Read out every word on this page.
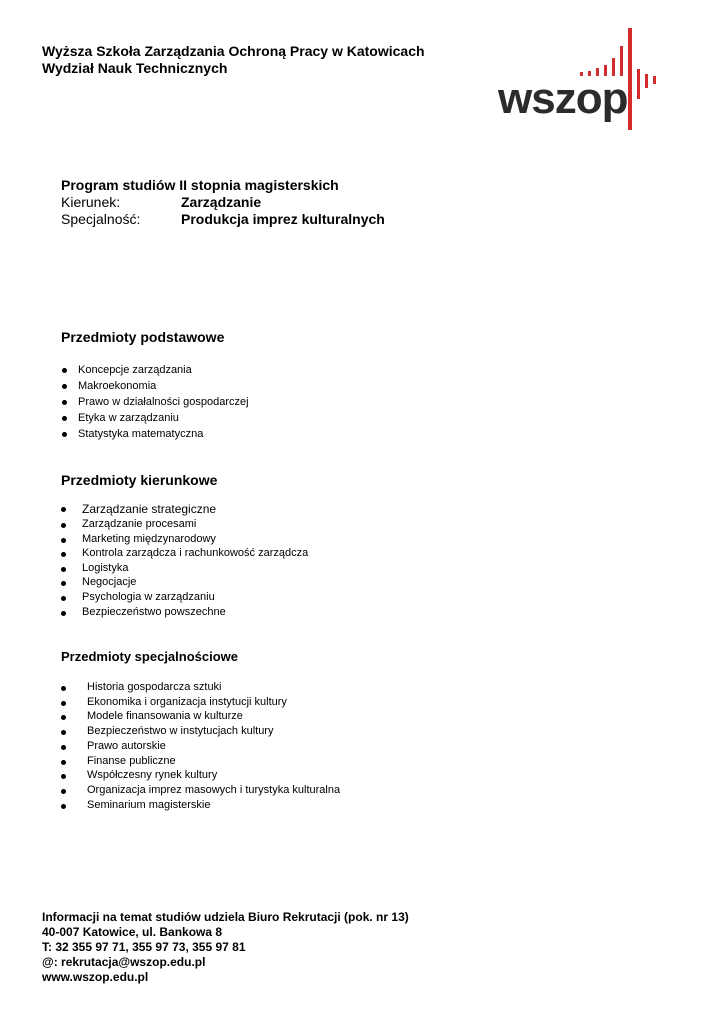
Wyższa Szkoła Zarządzania Ochroną Pracy w Katowicach
Wydział Nauk Technicznych
wszop
Program studiów II stopnia magisterskich
Kierunek:	Zarządzanie
Specjalność:	Produkcja imprez kulturalnych
Przedmioty podstawowe
Koncepcje zarządzania
Makroekonomia
Prawo w działalności gospodarczej
Etyka w zarządzaniu
Statystyka matematyczna
Przedmioty kierunkowe
Zarządzanie strategiczne
Zarządzanie procesami
Marketing międzynarodowy
Kontrola zarządcza i rachunkowość zarządcza
Logistyka
Negocjacje
Psychologia w zarządzaniu
Bezpieczeństwo powszechne
Przedmioty specjalnościowe
Historia gospodarcza sztuki
Ekonomika i organizacja instytucji kultury
Modele finansowania w kulturze
Bezpieczeństwo w instytucjach kultury
Prawo autorskie
Finanse publiczne
Współczesny rynek kultury
Organizacja imprez masowych i turystyka kulturalna
Seminarium magisterskie
Informacji na temat studiów udziela Biuro Rekrutacji (pok. nr 13)
40-007 Katowice, ul. Bankowa 8
T: 32 355 97 71, 355 97 73, 355 97 81
@: rekrutacja@wszop.edu.pl
www.wszop.edu.pl
